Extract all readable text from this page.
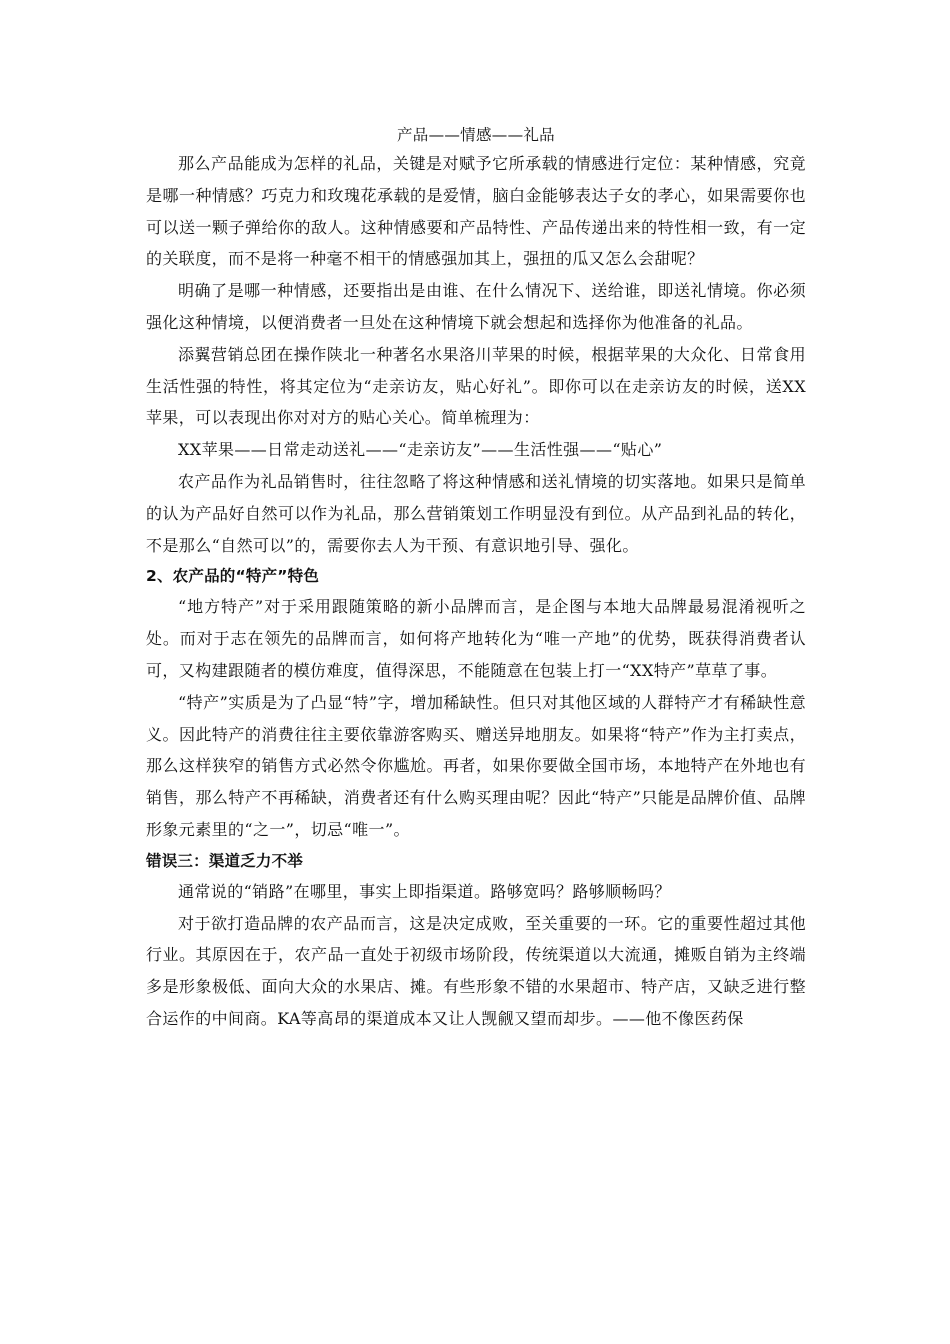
产品——情感——礼品

那么产品能成为怎样的礼品，关键是对赋予它所承载的情感进行定位：某种情感，究竟是哪一种情感？巧克力和玫瑰花承载的是爱情，脑白金能够表达子女的孝心，如果需要你也可以送一颗子弹给你的敌人。这种情感要和产品特性、产品传递出来的特性相一致，有一定的关联度，而不是将一种毫不相干的情感强加其上，强扭的瓜又怎么会甜呢？

明确了是哪一种情感，还要指出是由谁、在什么情况下、送给谁，即送礼情境。你必须强化这种情境，以便消费者一旦处在这种情境下就会想起和选择你为他准备的礼品。

添翼营销总团在操作陕北一种著名水果洛川苹果的时候，根据苹果的大众化、日常食用生活性强的特性，将其定位为“走亲访友，贴心好礼”。即你可以在走亲访友的时候，送XX苹果，可以表现出你对对方的贴心关心。简单梳理为：

XX苹果——日常走动送礼——“走亲访友”——生活性强——“贴心”

农产品作为礼品销售时，往往忽略了将这种情感和送礼情境的切实落地。如果只是简单的认为产品好自然可以作为礼品，那么营销策划工作明显没有到位。从产品到礼品的转化，不是那么“自然可以”的，需要你去人为干预、有意识地引导、强化。

2、农产品的“特产”特色

“地方特产”对于采用跟随策略的新小品牌而言，是企图与本地大品牌最易混淆视听之处。而对于志在领先的品牌而言，如何将产地转化为“唯一产地”的优势，既获得消费者认可，又构建跟随者的模仿难度，值得深思，不能随意在包装上打一“XX特产”草草了事。

“特产”实质是为了凸显“特”字，增加稀缺性。但只对其他区域的人群特产才有稀缺性意义。因此特产的消费往往主要依靠游客购买、赠送异地朋友。如果将“特产”作为主打卖点，那么这样狭窄的销售方式必然令你尴尬。再者，如果你要做全国市场，本地特产在外地也有销售，那么特产不再稀缺，消费者还有什么购买理由呢？因此“特产”只能是品牌价值、品牌形象元素里的“之一”，切忌“唯一”。

错误三：渠道乏力不举

通常说的“销路”在哪里，事实上即指渠道。路够宽吗？路够顺畅吗？

对于欲打造品牌的农产品而言，这是决定成败，至关重要的一环。它的重要性超过其他行业。其原因在于，农产品一直处于初级市场阶段，传统渠道以大流通，摊贩自销为主终端多是形象极低、面向大众的水果店、摊。有些形象不错的水果超市、特产店，又缺乏进行整合运作的中间商。KA等高昂的渠道成本又让人觊觎又望而却步。——他不像医药保
